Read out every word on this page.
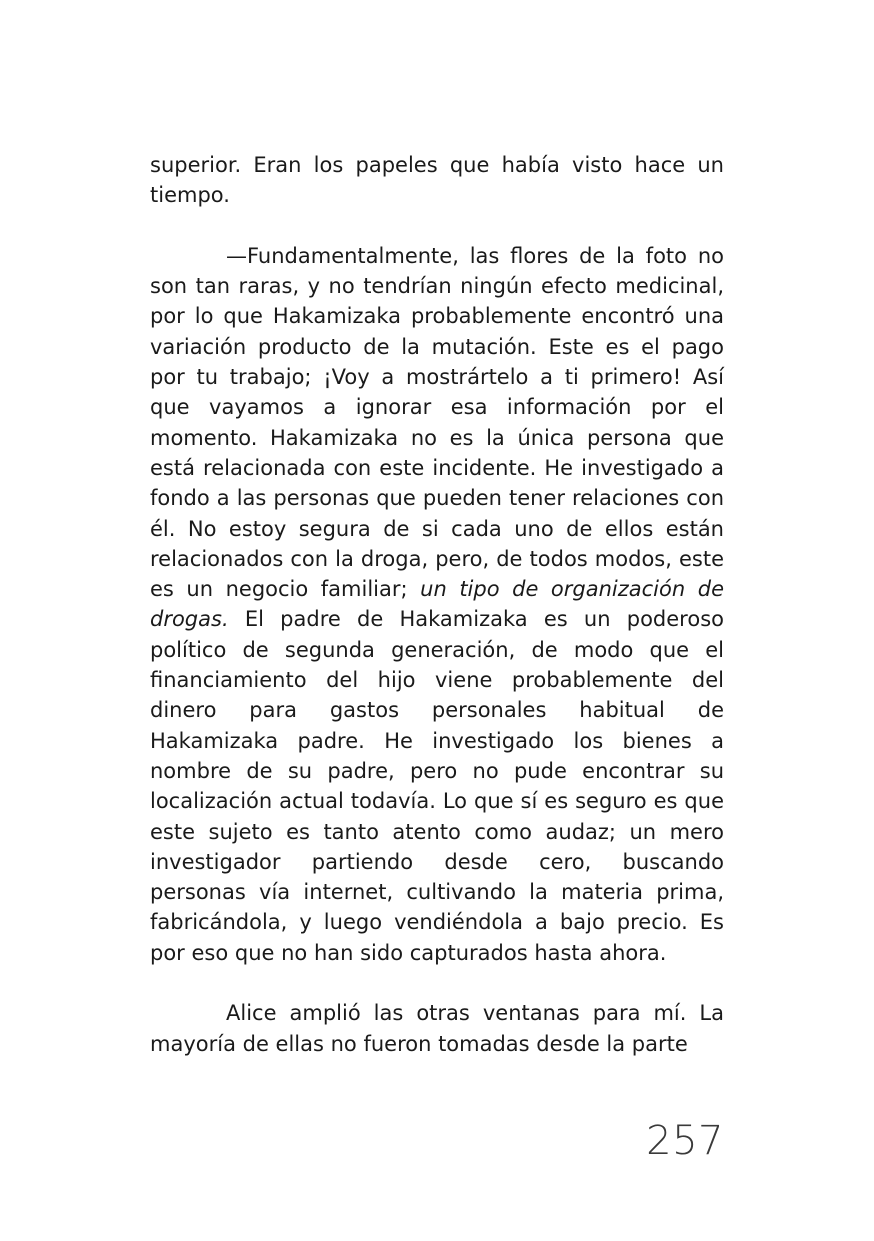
superior. Eran los papeles que había visto hace un tiempo.

—Fundamentalmente, las flores de la foto no son tan raras, y no tendrían ningún efecto medicinal, por lo que Hakamizaka probablemente encontró una variación producto de la mutación. Este es el pago por tu trabajo; ¡Voy a mostrártelo a ti primero! Así que vayamos a ignorar esa información por el momento. Hakamizaka no es la única persona que está relacionada con este incidente. He investigado a fondo a las personas que pueden tener relaciones con él. No estoy segura de si cada uno de ellos están relacionados con la droga, pero, de todos modos, este es un negocio familiar; un tipo de organización de drogas. El padre de Hakamizaka es un poderoso político de segunda generación, de modo que el financiamiento del hijo viene probablemente del dinero para gastos personales habitual de Hakamizaka padre. He investigado los bienes a nombre de su padre, pero no pude encontrar su localización actual todavía. Lo que sí es seguro es que este sujeto es tanto atento como audaz; un mero investigador partiendo desde cero, buscando personas vía internet, cultivando la materia prima, fabricándola, y luego vendiéndola a bajo precio. Es por eso que no han sido capturados hasta ahora.

Alice amplió las otras ventanas para mí. La mayoría de ellas no fueron tomadas desde la parte

257
